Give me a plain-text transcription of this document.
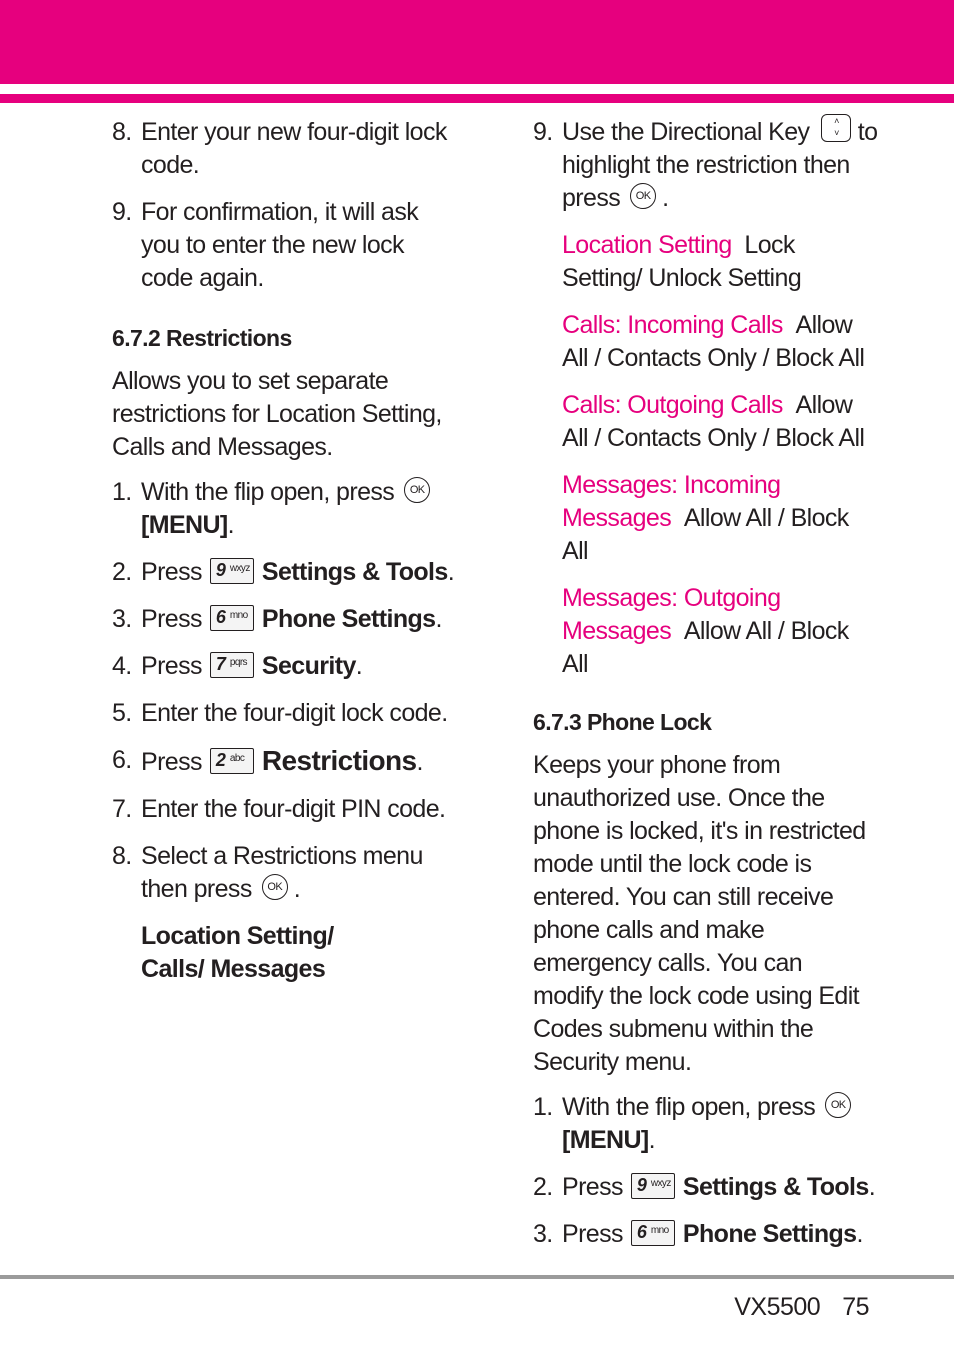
8. Enter your new four-digit lock code.
9. For confirmation, it will ask you to enter the new lock code again.
6.7.2 Restrictions
Allows you to set separate restrictions for Location Setting, Calls and Messages.
1. With the flip open, press OK
[MENU].
2. Press 9 wxyz Settings & Tools.
3. Press 6 mno Phone Settings.
4. Press 7 pqrs Security.
5. Enter the four-digit lock code.
6. Press 2 abc Restrictions.
7. Enter the four-digit PIN code.
8. Select a Restrictions menu then press OK .
Location Setting/ Calls/ Messages
9. Use the Directional Key	˄
˅ to highlight the restriction then press OK .
Location Setting Lock Setting/ Unlock Setting
Calls: Incoming Calls Allow All / Contacts Only / Block All
Calls: Outgoing Calls Allow All / Contacts Only / Block All
Messages: Incoming Messages Allow All / Block All
Messages: Outgoing Messages Allow All / Block All
6.7.3 Phone Lock
Keeps your phone from unauthorized use. Once the phone is locked, it's in restricted mode until the lock code is entered. You can still receive phone calls and make emergency calls. You can modify the lock code using Edit Codes submenu within the Security menu.
1. With the flip open, press OK
[MENU].
2. Press 9 wxyz Settings & Tools.
3. Press 6 mno Phone Settings.
VX5500 75
